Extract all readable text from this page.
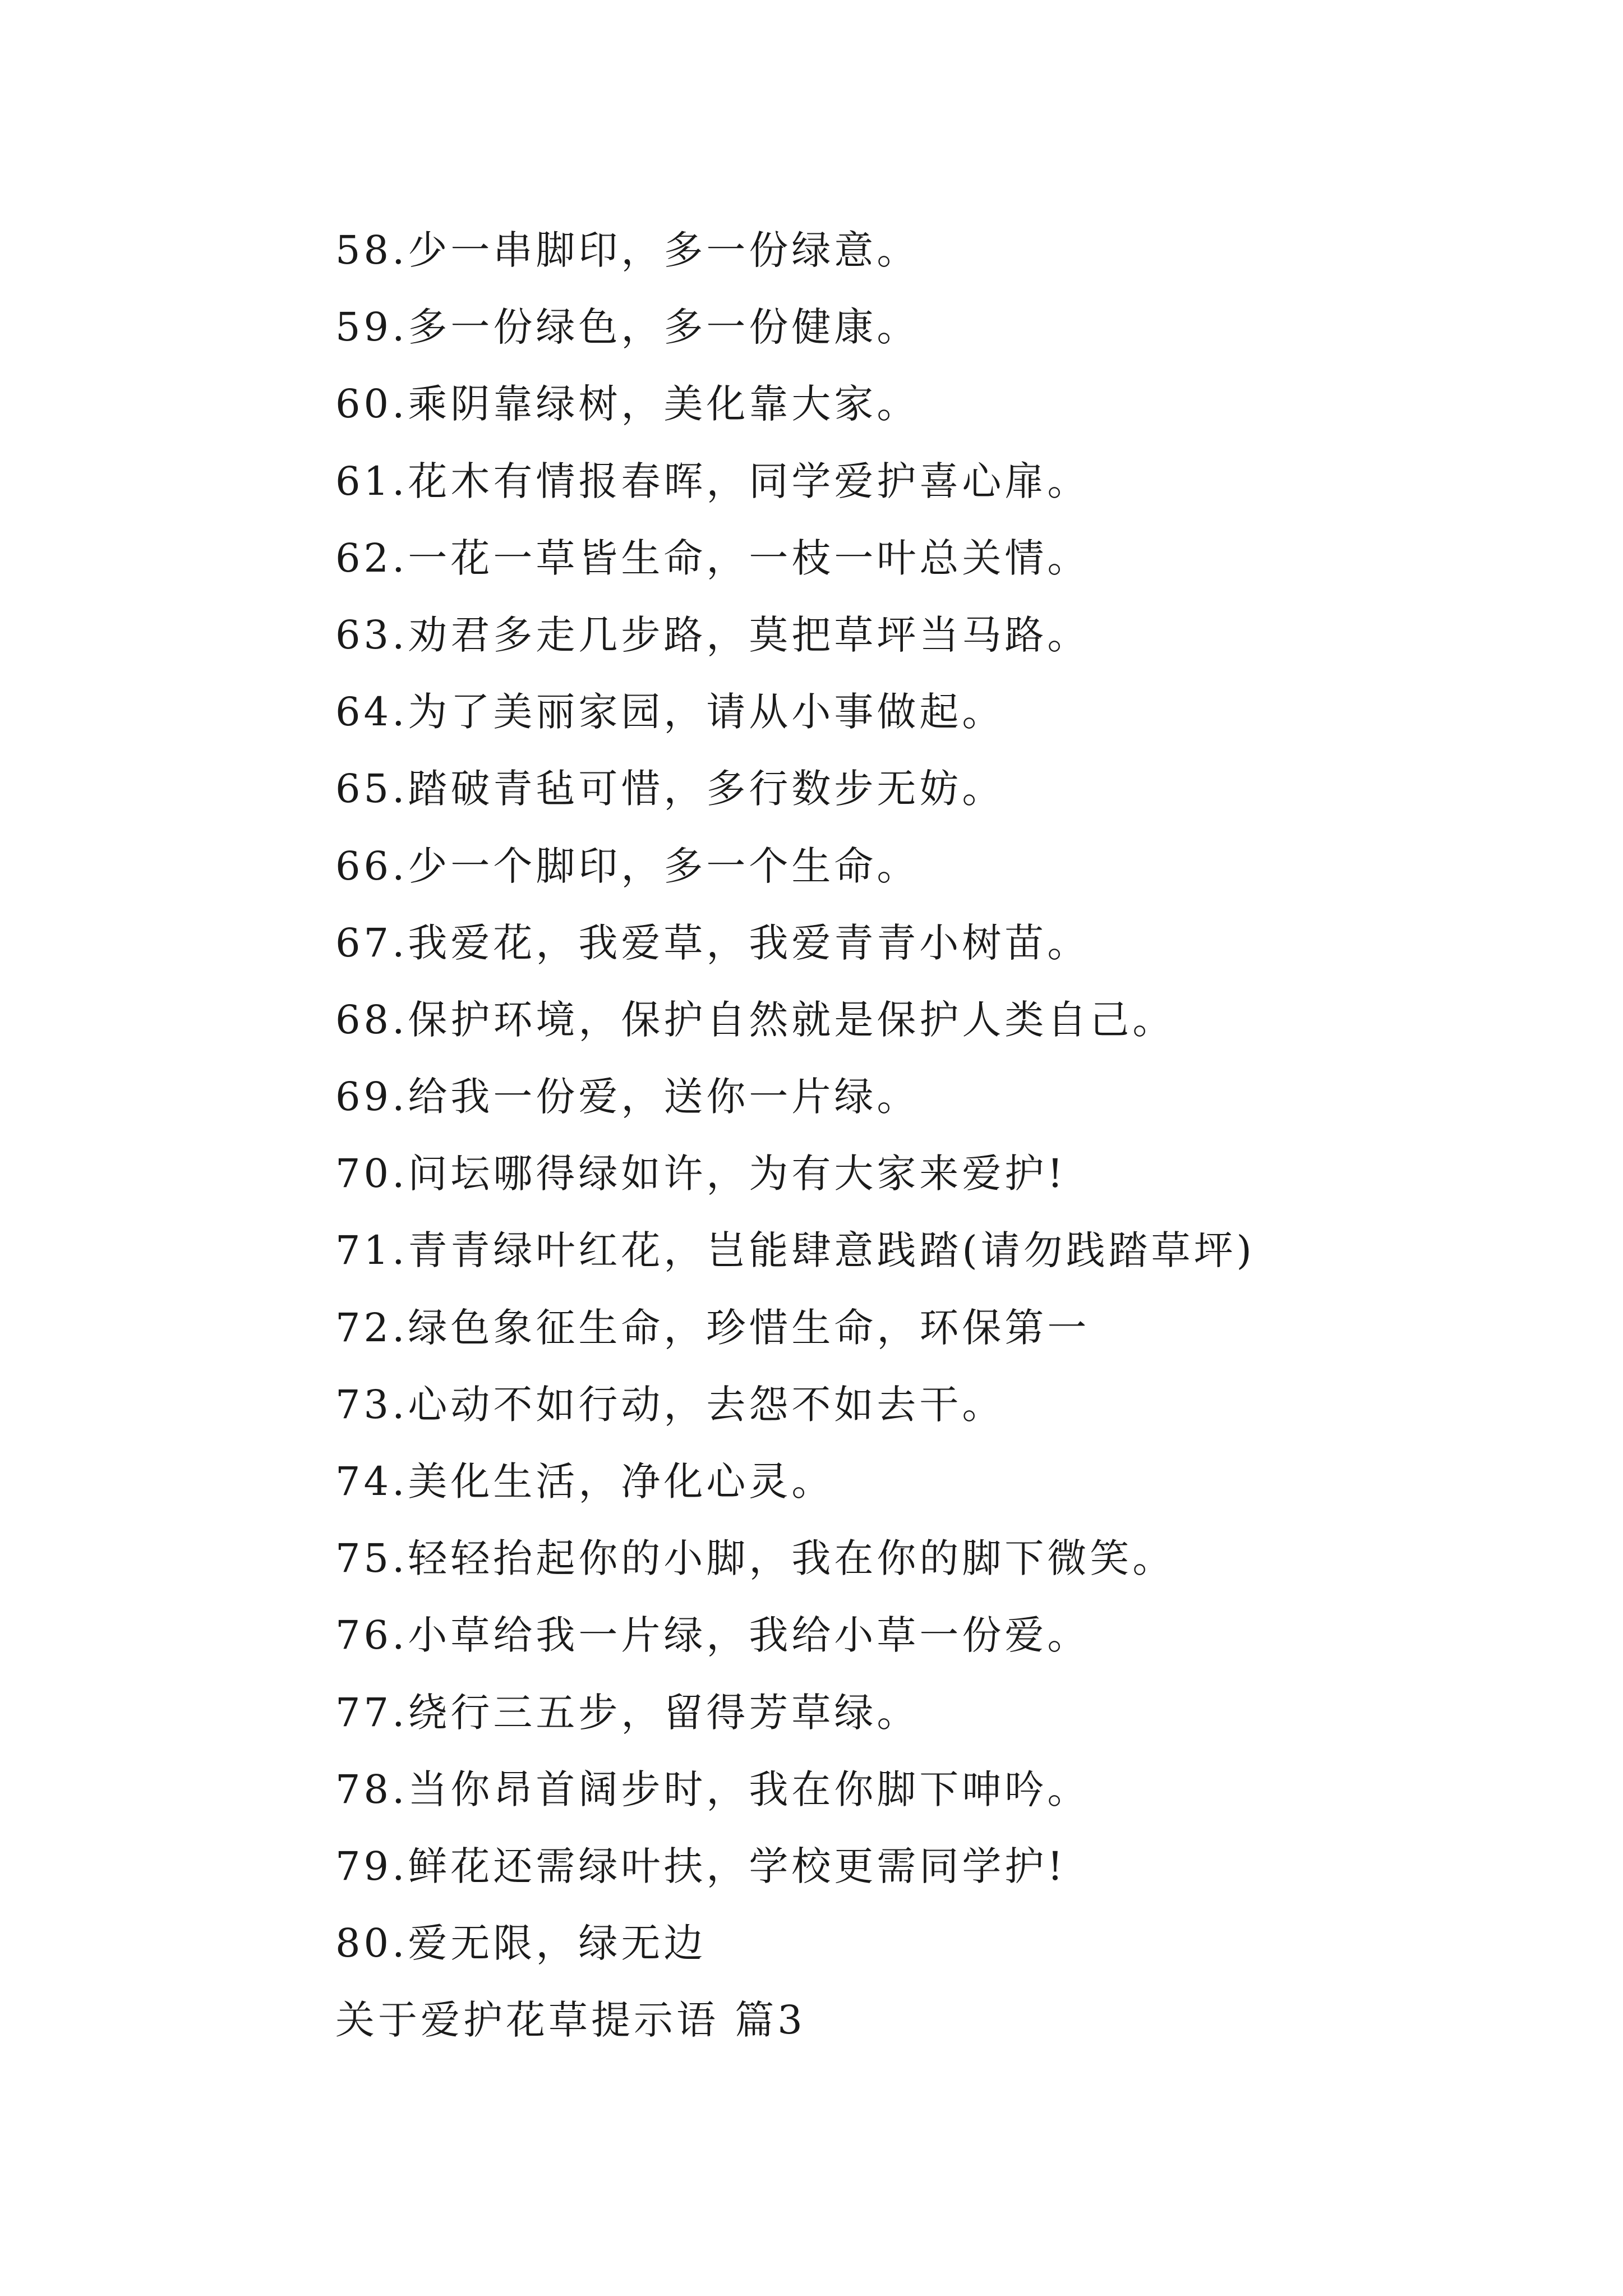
58.少一串脚印，多一份绿意。
59.多一份绿色，多一份健康。
60.乘阴靠绿树，美化靠大家。
61.花木有情报春晖，同学爱护喜心扉。
62.一花一草皆生命，一枝一叶总关情。
63.劝君多走几步路，莫把草坪当马路。
64.为了美丽家园，请从小事做起。
65.踏破青毡可惜，多行数步无妨。
66.少一个脚印，多一个生命。
67.我爱花，我爱草，我爱青青小树苗。
68.保护环境，保护自然就是保护人类自己。
69.给我一份爱，送你一片绿。
70.问坛哪得绿如许，为有大家来爱护!
71.青青绿叶红花，岂能肆意践踏(请勿践踏草坪)
72.绿色象征生命，珍惜生命，环保第一
73.心动不如行动，去怨不如去干。
74.美化生活，净化心灵。
75.轻轻抬起你的小脚，我在你的脚下微笑。
76.小草给我一片绿，我给小草一份爱。
77.绕行三五步，留得芳草绿。
78.当你昂首阔步时，我在你脚下呻吟。
79.鲜花还需绿叶扶，学校更需同学护!
80.爱无限，绿无边
关于爱护花草提示语 篇3
